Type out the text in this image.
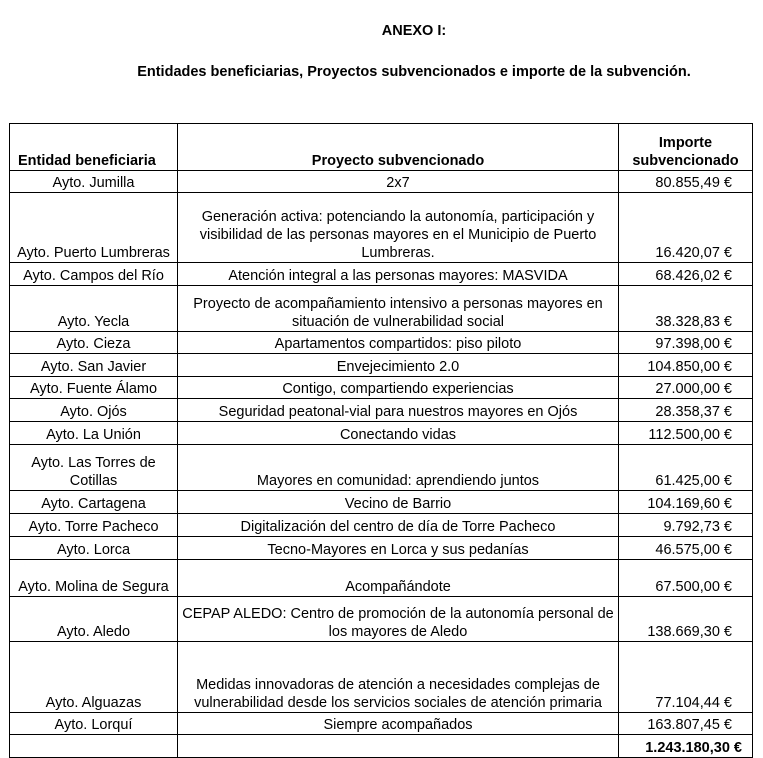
ANEXO I:
Entidades beneficiarias, Proyectos subvencionados e importe de la subvención.
Entidad beneficiaria	Proyecto subvencionado	Importe subvencionado
Ayto. Jumilla	2x7	80.855,49 €
Ayto. Puerto Lumbreras	Generación activa: potenciando la autonomía, participación y visibilidad de las personas mayores en el Municipio de Puerto Lumbreras.	16.420,07 €
Ayto. Campos del Río	Atención integral a las personas mayores: MASVIDA	68.426,02 €
Ayto. Yecla	Proyecto de acompañamiento intensivo a personas mayores en situación de vulnerabilidad social	38.328,83 €
Ayto. Cieza	Apartamentos compartidos: piso piloto	97.398,00 €
Ayto. San Javier	Envejecimiento 2.0	104.850,00 €
Ayto. Fuente Álamo	Contigo, compartiendo experiencias	27.000,00 €
Ayto. Ojós	Seguridad peatonal-vial para nuestros mayores en Ojós	28.358,37 €
Ayto. La Unión	Conectando vidas	112.500,00 €
Ayto. Las Torres de Cotillas	Mayores en comunidad: aprendiendo juntos	61.425,00 €
Ayto. Cartagena	Vecino de Barrio	104.169,60 €
Ayto. Torre Pacheco	Digitalización del centro de día de Torre Pacheco	9.792,73 €
Ayto. Lorca	Tecno-Mayores en Lorca y sus pedanías	46.575,00 €
Ayto. Molina de Segura	Acompañándote	67.500,00 €
Ayto. Aledo	CEPAP ALEDO: Centro de promoción de la autonomía personal de los mayores de Aledo	138.669,30 €
Ayto. Alguazas	Medidas innovadoras de atención a necesidades complejas de vulnerabilidad desde los servicios sociales de atención primaria	77.104,44 €
Ayto. Lorquí	Siempre acompañados	163.807,45 €
		1.243.180,30 €
